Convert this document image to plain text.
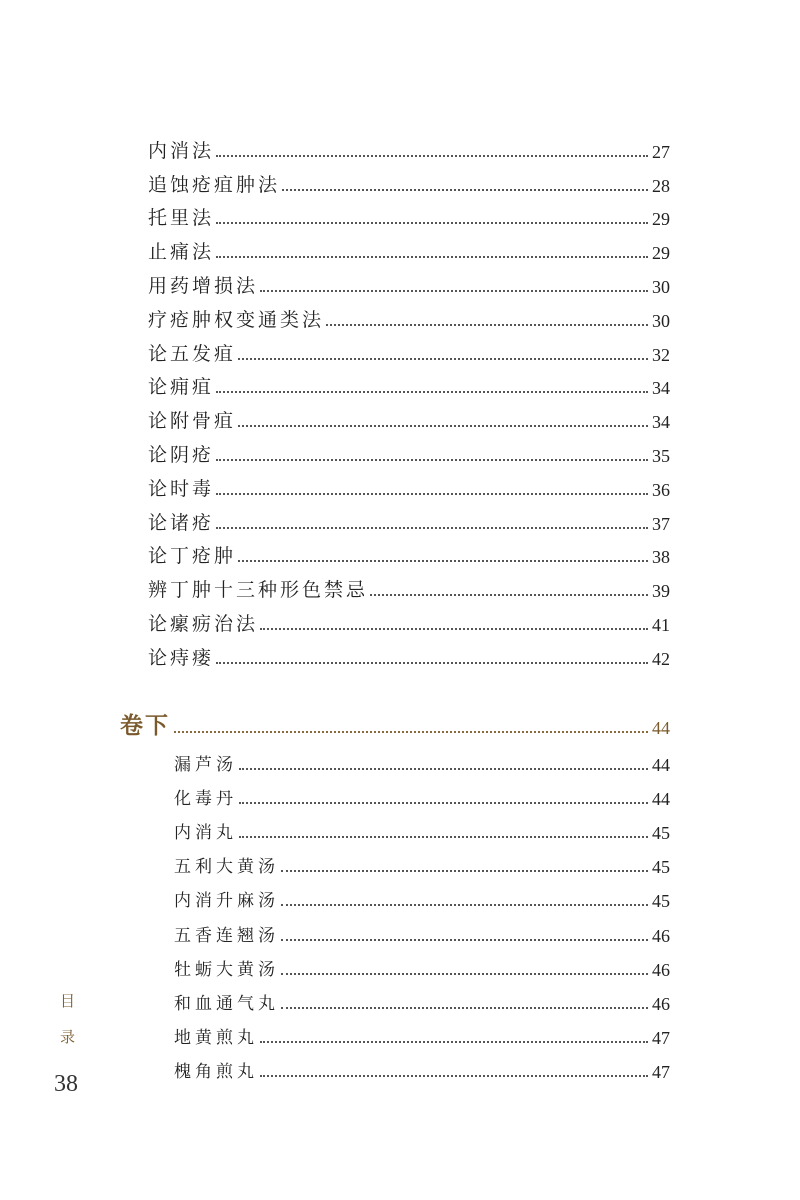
内消法	27
追蚀疮疽肿法	28
托里法	29
止痛法	29
用药增损法	30
疗疮肿权变通类法	30
论五发疽	32
论痈疽	34
论附骨疽	34
论阴疮	35
论时毒	36
论诸疮	37
论丁疮肿	38
辨丁肿十三种形色禁忌	39
论瘰疬治法	41
论痔瘘	42
卷下	44
漏芦汤	44
化毒丹	44
内消丸	45
五利大黄汤	45
内消升麻汤	45
五香连翘汤	46
牡蛎大黄汤	46
和血通气丸	46
地黄煎丸	47
槐角煎丸	47
目
录
38
